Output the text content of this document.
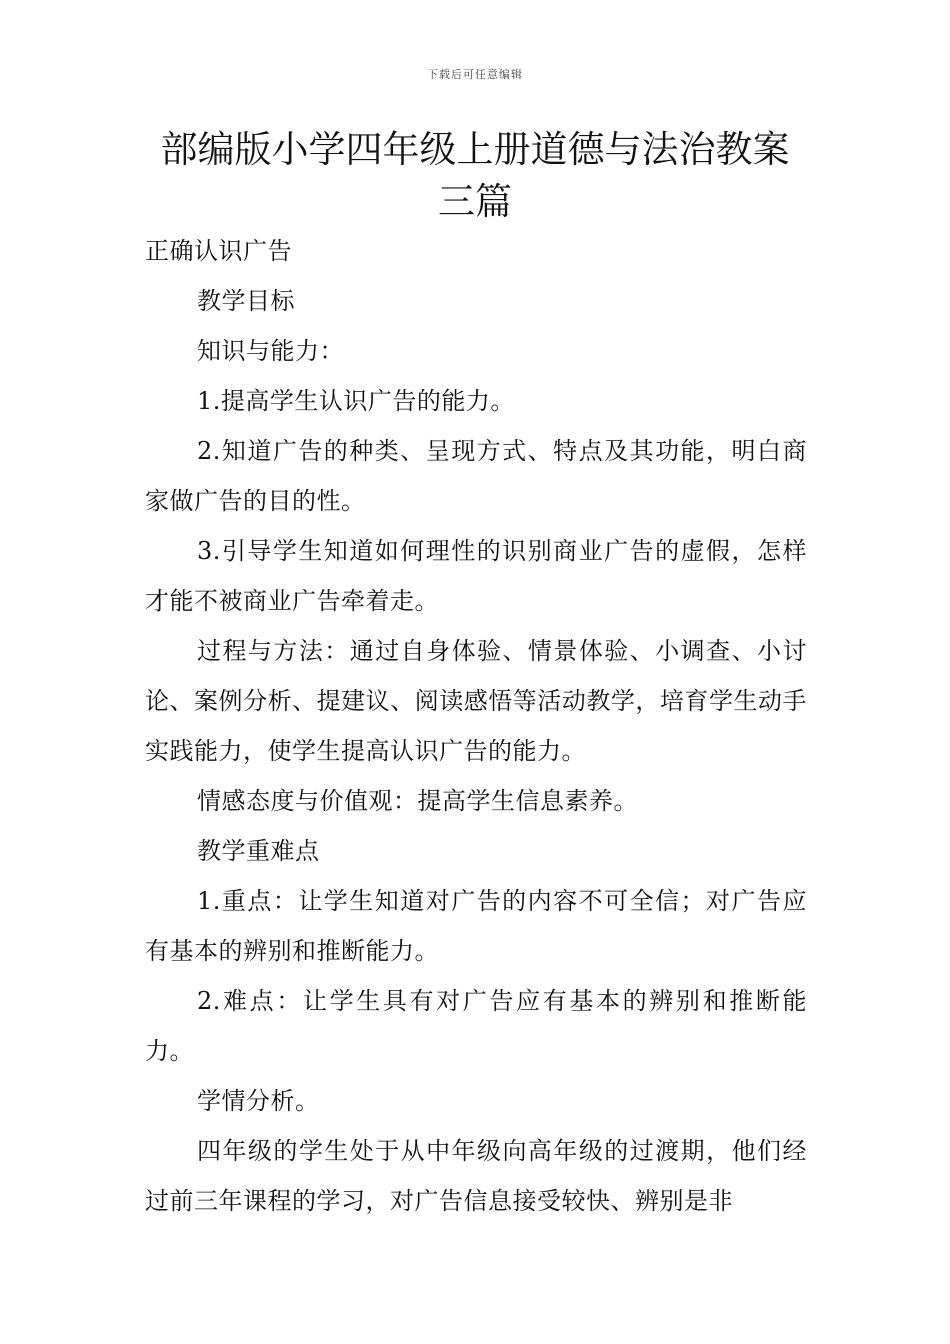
下载后可任意编辑
部编版小学四年级上册道德与法治教案三篇

正确认识广告

教学目标

知识与能力：

1.提高学生认识广告的能力。

2.知道广告的种类、呈现方式、特点及其功能，明白商家做广告的目的性。

3.引导学生知道如何理性的识别商业广告的虚假，怎样才能不被商业广告牵着走。

过程与方法：通过自身体验、情景体验、小调查、小讨论、案例分析、提建议、阅读感悟等活动教学，培育学生动手实践能力，使学生提高认识广告的能力。

情感态度与价值观：提高学生信息素养。

教学重难点

1.重点：让学生知道对广告的内容不可全信；对广告应有基本的辨别和推断能力。

2.难点：让学生具有对广告应有基本的辨别和推断能力。

学情分析。

四年级的学生处于从中年级向高年级的过渡期，他们经过前三年课程的学习，对广告信息接受较快、辨别是非
